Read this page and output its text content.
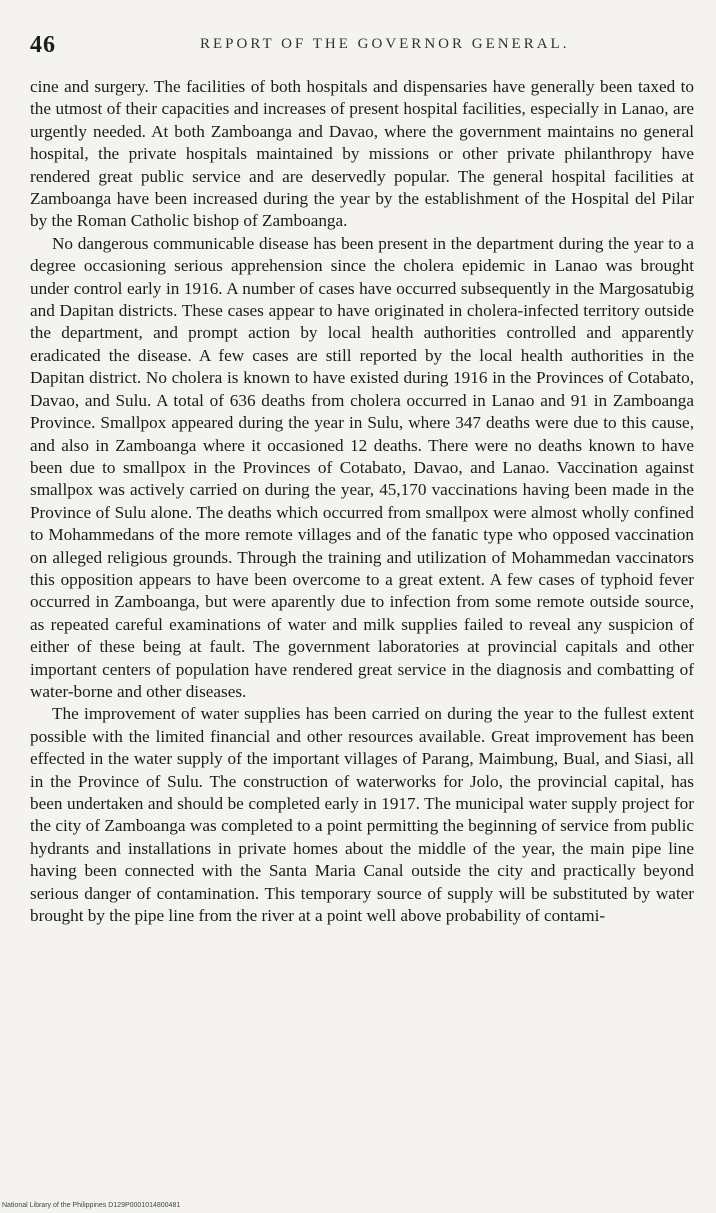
46	REPORT OF THE GOVERNOR GENERAL.

cine and surgery. The facilities of both hospitals and dispensaries have generally been taxed to the utmost of their capacities and increases of present hospital facilities, especially in Lanao, are urgently needed. At both Zamboanga and Davao, where the government maintains no general hospital, the private hospitals maintained by missions or other private philanthropy have rendered great public service and are deservedly popular. The general hospital facilities at Zamboanga have been increased during the year by the establishment of the Hospital del Pilar by the Roman Catholic bishop of Zamboanga.

No dangerous communicable disease has been present in the department during the year to a degree occasioning serious apprehension since the cholera epidemic in Lanao was brought under control early in 1916. A number of cases have occurred subsequently in the Margosatubig and Dapitan districts. These cases appear to have originated in cholera-infected territory outside the department, and prompt action by local health authorities controlled and apparently eradicated the disease. A few cases are still reported by the local health authorities in the Dapitan district. No cholera is known to have existed during 1916 in the Provinces of Cotabato, Davao, and Sulu. A total of 636 deaths from cholera occurred in Lanao and 91 in Zamboanga Province. Smallpox appeared during the year in Sulu, where 347 deaths were due to this cause, and also in Zamboanga where it occasioned 12 deaths. There were no deaths known to have been due to smallpox in the Provinces of Cotabato, Davao, and Lanao. Vaccination against smallpox was actively carried on during the year, 45,170 vaccinations having been made in the Province of Sulu alone. The deaths which occurred from smallpox were almost wholly confined to Mohammedans of the more remote villages and of the fanatic type who opposed vaccination on alleged religious grounds. Through the training and utilization of Mohammedan vaccinators this opposition appears to have been overcome to a great extent. A few cases of typhoid fever occurred in Zamboanga, but were aparently due to infection from some remote outside source, as repeated careful examinations of water and milk supplies failed to reveal any suspicion of either of these being at fault. The government laboratories at provincial capitals and other important centers of population have rendered great service in the diagnosis and combatting of water-borne and other diseases.

The improvement of water supplies has been carried on during the year to the fullest extent possible with the limited financial and other resources available. Great improvement has been effected in the water supply of the important villages of Parang, Maimbung, Bual, and Siasi, all in the Province of Sulu. The construction of waterworks for Jolo, the provincial capital, has been undertaken and should be completed early in 1917. The municipal water supply project for the city of Zamboanga was completed to a point permitting the beginning of service from public hydrants and installations in private homes about the middle of the year, the main pipe line having been connected with the Santa Maria Canal outside the city and practically beyond serious danger of contamination. This temporary source of supply will be substituted by water brought by the pipe line from the river at a point well above probability of contami-

National Library of the Philippines D129P0001014800481
